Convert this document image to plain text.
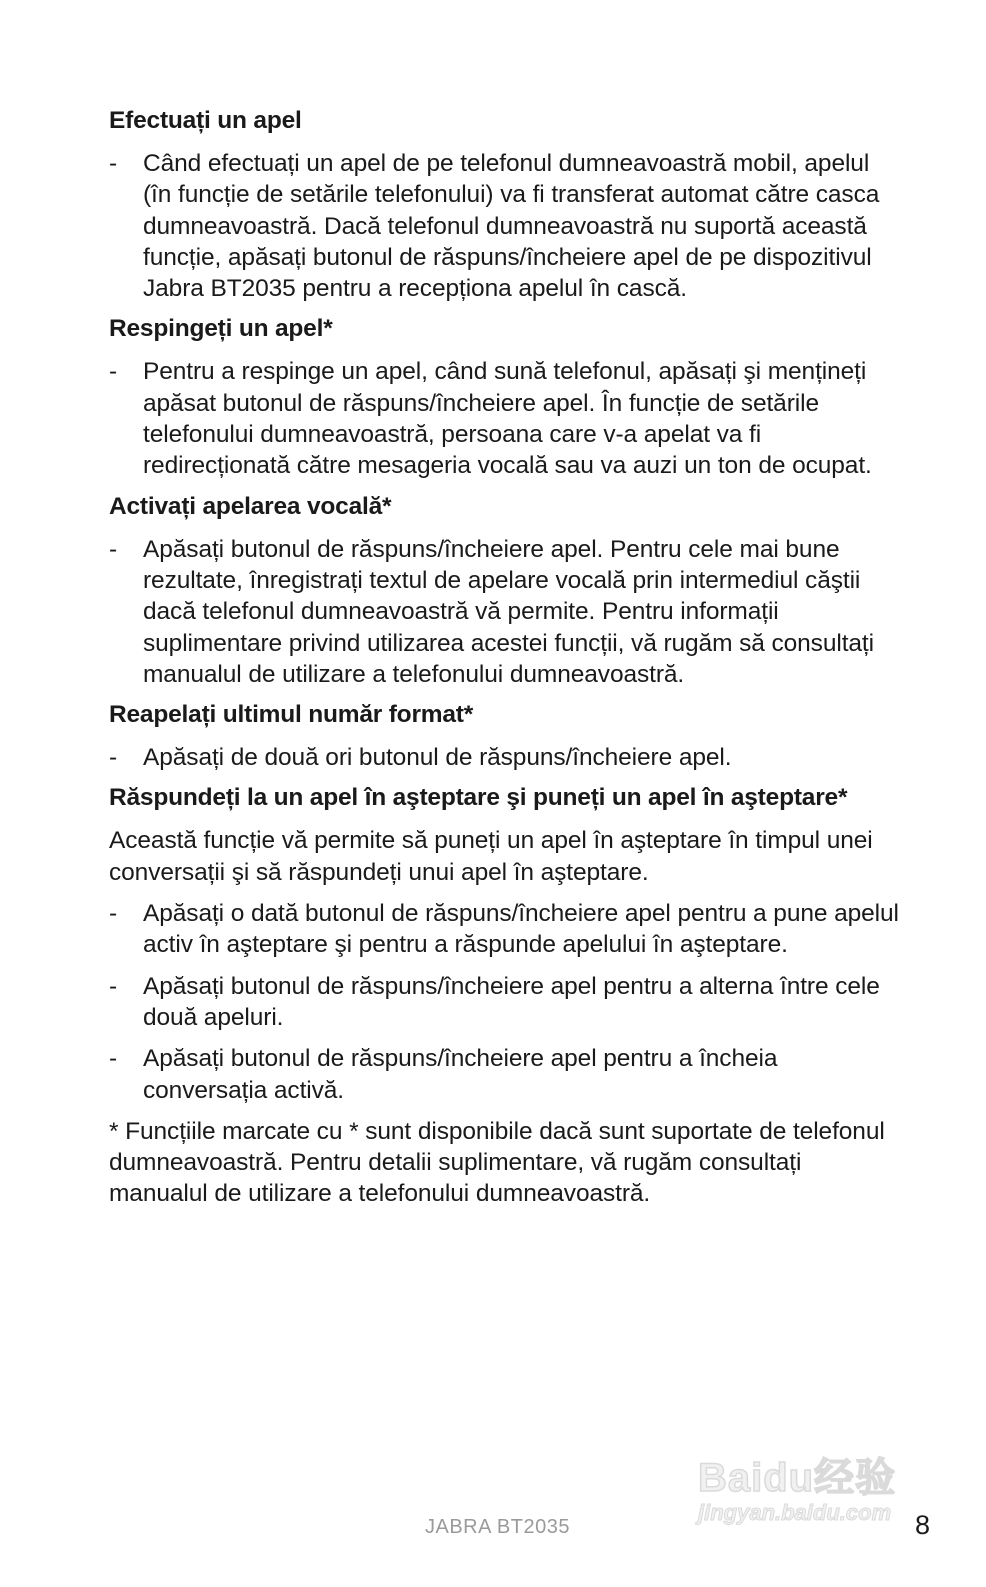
Efectuați un apel
- Când efectuați un apel de pe telefonul dumneavoastră mobil, apelul (în funcție de setările telefonului) va fi transferat automat către casca dumneavoastră. Dacă telefonul dumneavoastră nu suportă această funcție, apăsați butonul de răspuns/încheiere apel de pe dispozitivul Jabra BT2035 pentru a recepționa apelul în cască.
Respingeți un apel*
- Pentru a respinge un apel, când sună telefonul, apăsați şi mențineți apăsat butonul de răspuns/încheiere apel. În funcție de setările telefonului dumneavoastră, persoana care v-a apelat va fi redirecționată către mesageria vocală sau va auzi un ton de ocupat.
Activați apelarea vocală*
- Apăsați butonul de răspuns/încheiere apel. Pentru cele mai bune rezultate, înregistrați textul de apelare vocală prin intermediul căştii dacă telefonul dumneavoastră vă permite. Pentru informații suplimentare privind utilizarea acestei funcții, vă rugăm să consultați manualul de utilizare a telefonului dumneavoastră.
Reapelați ultimul număr format*
- Apăsați de două ori butonul de răspuns/încheiere apel.
Răspundeți la un apel în aşteptare şi puneți un apel în aşteptare*

Această funcție vă permite să puneți un apel în aşteptare în timpul unei conversații şi să răspundeți unui apel în aşteptare.

- Apăsați o dată butonul de răspuns/încheiere apel pentru a pune apelul activ în aşteptare şi pentru a răspunde apelului în aşteptare.
- Apăsați butonul de răspuns/încheiere apel pentru a alterna între cele două apeluri.
- Apăsați butonul de răspuns/încheiere apel pentru a încheia conversația activă.

* Funcțiile marcate cu * sunt disponibile dacă sunt suportate de telefonul dumneavoastră. Pentru detalii suplimentare, vă rugăm consultați manualul de utilizare a telefonului dumneavoastră.

Baidu经验
jingyan.baidu.com
JABRA BT2035	8
